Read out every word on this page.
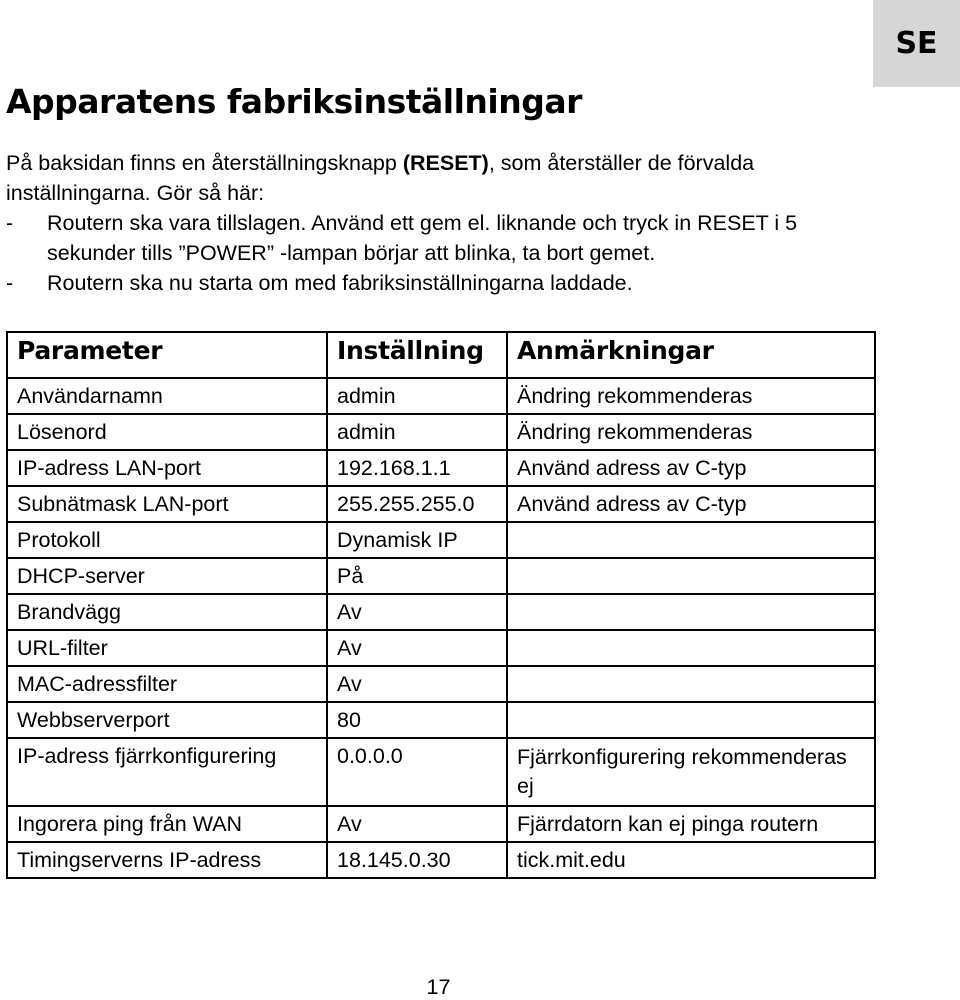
SE
Apparatens fabriksinställningar

På baksidan finns en återställningsknapp (RESET), som återställer de förvalda inställningarna. Gör så här:

-	Routern ska vara tillslagen. Använd ett gem el. liknande och tryck in RESET i 5 sekunder tills ”POWER” -lampan börjar att blinka, ta bort gemet.
-	Routern ska nu starta om med fabriksinställningarna laddade.
Parameter	Inställning	Anmärkningar
Användarnamn	admin	Ändring rekommenderas
Lösenord	admin	Ändring rekommenderas
IP-adress LAN-port	192.168.1.1	Använd adress av C-typ
Subnätmask LAN-port	255.255.255.0	Använd adress av C-typ
Protokoll	Dynamisk IP	
DHCP-server	På	
Brandvägg	Av	
URL-filter	Av	
MAC-adressfilter	Av	
Webbserverport	80	
IP-adress fjärrkonfigurering	0.0.0.0	Fjärrkonfigurering rekommenderas ej
Ingorera ping från WAN	Av	Fjärrdatorn kan ej pinga routern
Timingserverns IP-adress	18.145.0.30	tick.mit.edu
17
